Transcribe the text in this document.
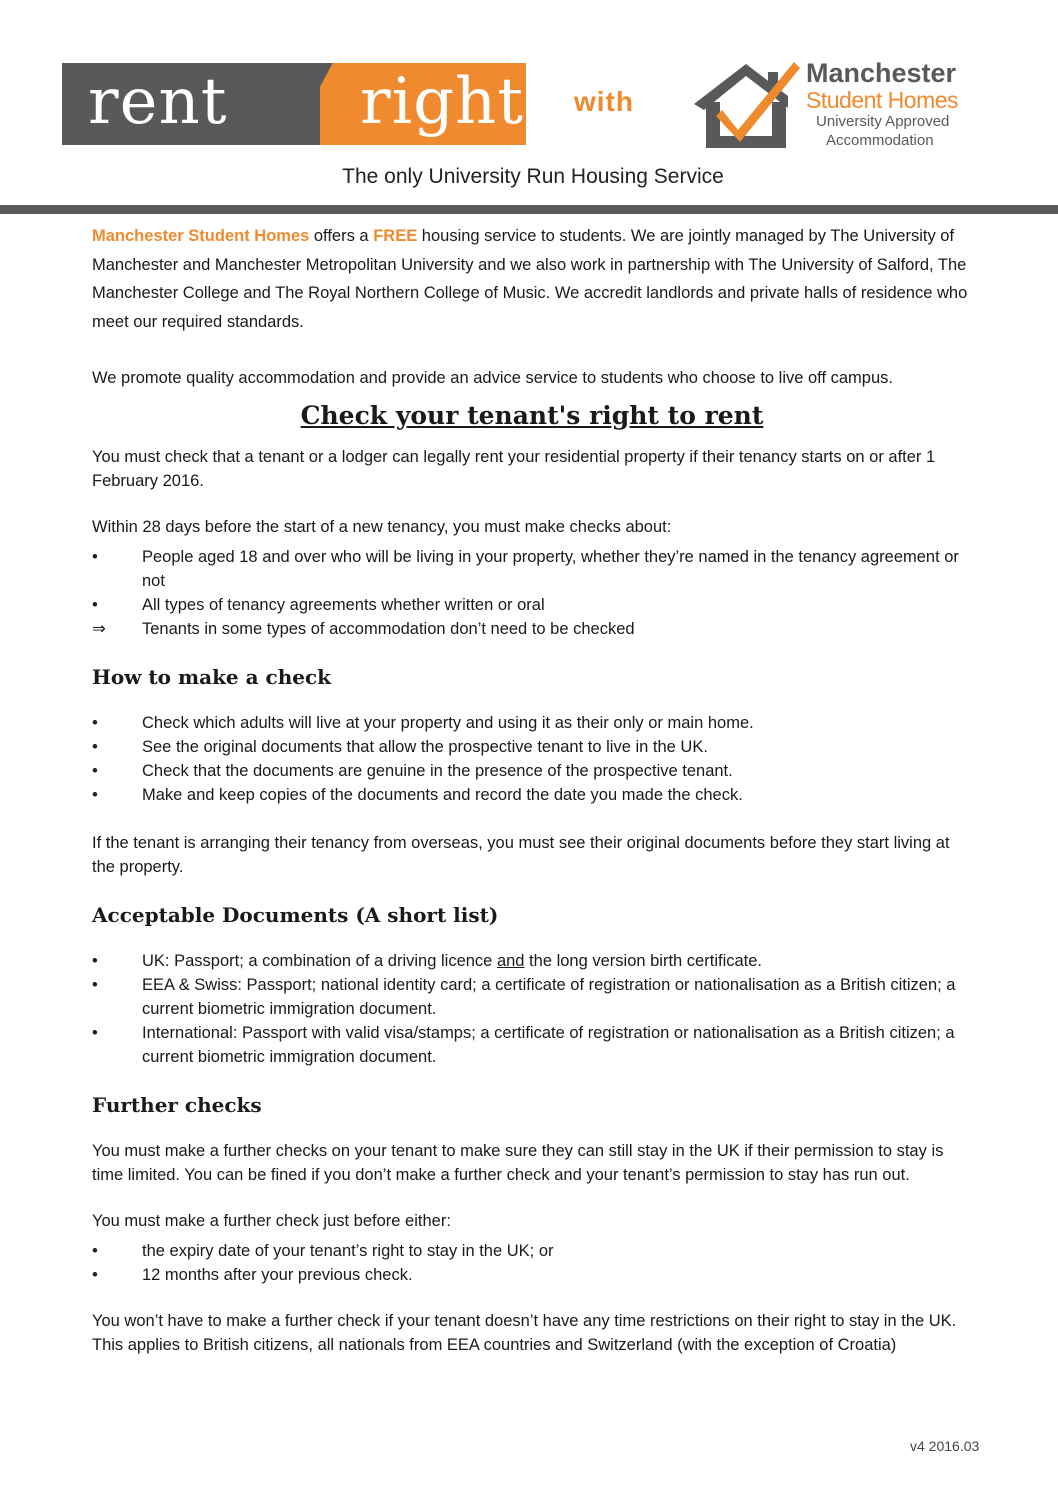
rent right with
Manchester
Student Homes
University Approved
Accommodation
The only University Run Housing Service

Manchester Student Homes offers a FREE housing service to students. We are jointly managed by The University of Manchester and Manchester Metropolitan University and we also work in partnership with The University of Salford, The Manchester College and The Royal Northern College of Music. We accredit landlords and private halls of residence who meet our required standards.

We promote quality accommodation and provide an advice service to students who choose to live off campus.

Check your tenant's right to rent

You must check that a tenant or a lodger can legally rent your residential property if their tenancy starts on or after 1 February 2016.

Within 28 days before the start of a new tenancy, you must make checks about:

•	People aged 18 and over who will be living in your property, whether they’re named in the tenancy agreement or not
•	All types of tenancy agreements whether written or oral
⇒	Tenants in some types of accommodation don’t need to be checked
How to make a check
•	Check which adults will live at your property and using it as their only or main home.
•	See the original documents that allow the prospective tenant to live in the UK.
•	Check that the documents are genuine in the presence of the prospective tenant.
•	Make and keep copies of the documents and record the date you made the check.

If the tenant is arranging their tenancy from overseas, you must see their original documents before they start living at the property.

Acceptable Documents (A short list)
•	UK: Passport; a combination of a driving licence and the long version birth certificate.
•	EEA & Swiss: Passport; national identity card; a certificate of registration or nationalisation as a British citizen; a current biometric immigration document.
•	International: Passport with valid visa/stamps; a certificate of registration or nationalisation as a British citizen; a current biometric immigration document.
Further checks

You must make a further checks on your tenant to make sure they can still stay in the UK if their permission to stay is time limited. You can be fined if you don’t make a further check and your tenant’s permission to stay has run out.

You must make a further check just before either:

•	the expiry date of your tenant’s right to stay in the UK; or
•	12 months after your previous check.

You won’t have to make a further check if your tenant doesn’t have any time restrictions on their right to stay in the UK. This applies to British citizens, all nationals from EEA countries and Switzerland (with the exception of Croatia)

v4 2016.03
